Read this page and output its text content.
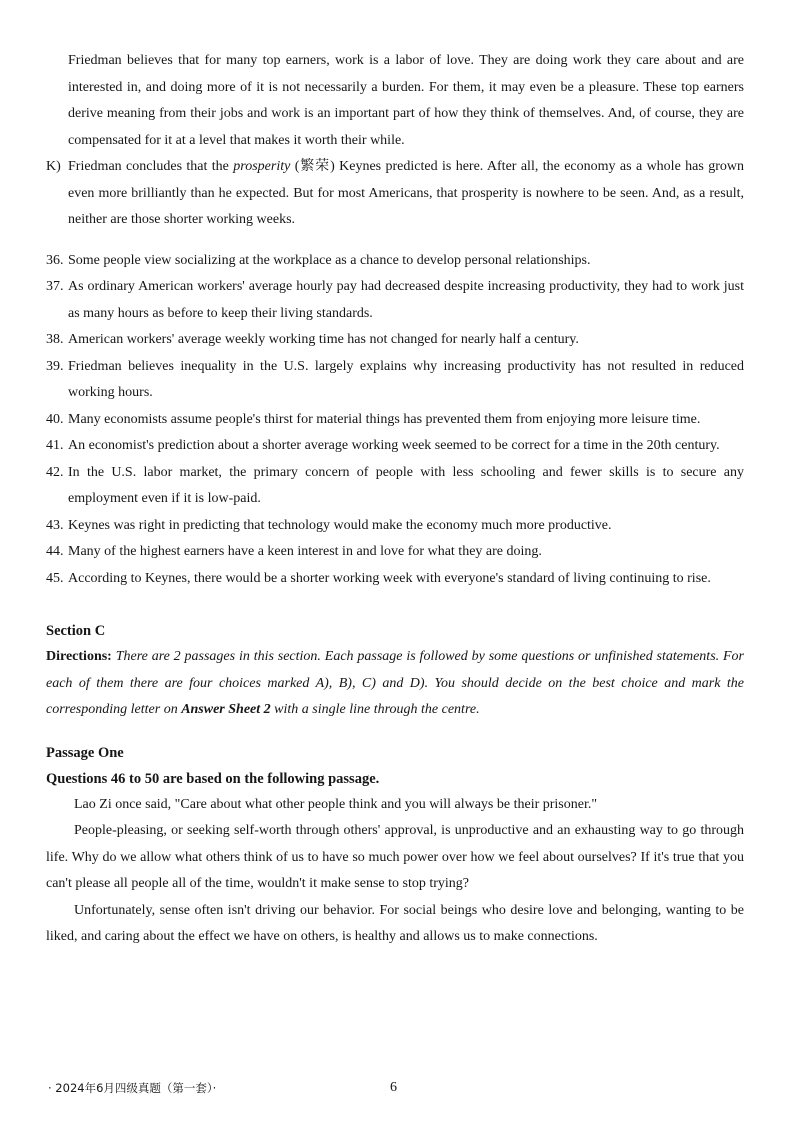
Friedman believes that for many top earners, work is a labor of love. They are doing work they care about and are interested in, and doing more of it is not necessarily a burden. For them, it may even be a pleasure. These top earners derive meaning from their jobs and work is an important part of how they think of themselves. And, of course, they are compensated for it at a level that makes it worth their while.

K) Friedman concludes that the prosperity (繁荣) Keynes predicted is here. After all, the economy as a whole has grown even more brilliantly than he expected. But for most Americans, that prosperity is nowhere to be seen. And, as a result, neither are those shorter working weeks.

36. Some people view socializing at the workplace as a chance to develop personal relationships.
37. As ordinary American workers' average hourly pay had decreased despite increasing productivity, they had to work just as many hours as before to keep their living standards.
38. American workers' average weekly working time has not changed for nearly half a century.
39. Friedman believes inequality in the U.S. largely explains why increasing productivity has not resulted in reduced working hours.
40. Many economists assume people's thirst for material things has prevented them from enjoying more leisure time.
41. An economist's prediction about a shorter average working week seemed to be correct for a time in the 20th century.
42. In the U.S. labor market, the primary concern of people with less schooling and fewer skills is to secure any employment even if it is low-paid.
43. Keynes was right in predicting that technology would make the economy much more productive.
44. Many of the highest earners have a keen interest in and love for what they are doing.
45. According to Keynes, there would be a shorter working week with everyone's standard of living continuing to rise.

Section C

Directions: There are 2 passages in this section. Each passage is followed by some questions or unfinished statements. For each of them there are four choices marked A), B), C) and D). You should decide on the best choice and mark the corresponding letter on Answer Sheet 2 with a single line through the centre.

Passage One

Questions 46 to 50 are based on the following passage.

Lao Zi once said, "Care about what other people think and you will always be their prisoner."

People-pleasing, or seeking self-worth through others' approval, is unproductive and an exhausting way to go through life. Why do we allow what others think of us to have so much power over how we feel about ourselves? If it's true that you can't please all people all of the time, wouldn't it make sense to stop trying?

Unfortunately, sense often isn't driving our behavior. For social beings who desire love and belonging, wanting to be liked, and caring about the effect we have on others, is healthy and allows us to make connections.

· 2024年6月四级真题（第一套）·	6
